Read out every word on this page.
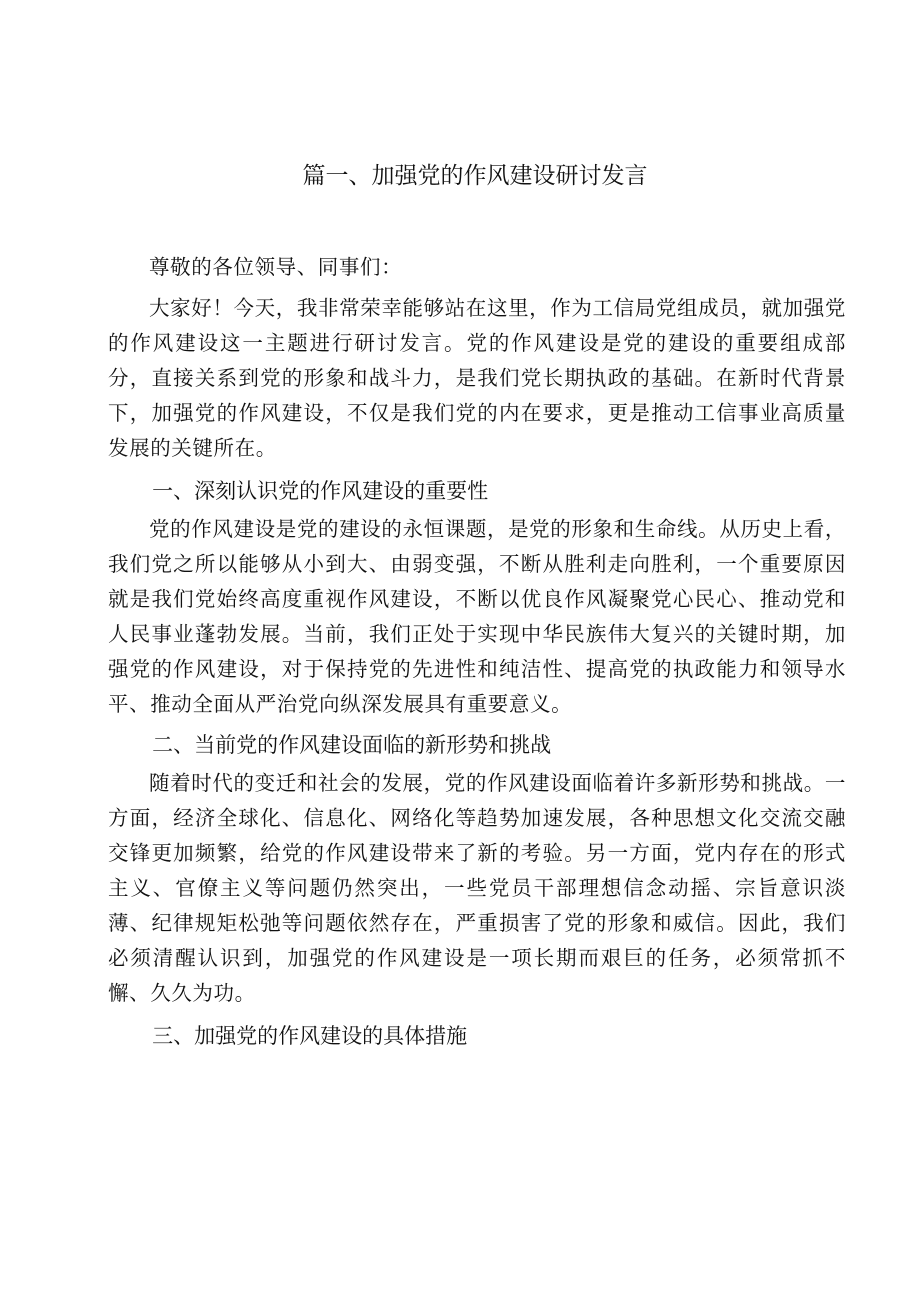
篇一、加强党的作风建设研讨发言

尊敬的各位领导、同事们：

大家好！今天，我非常荣幸能够站在这里，作为工信局党组成员，就加强党的作风建设这一主题进行研讨发言。党的作风建设是党的建设的重要组成部分，直接关系到党的形象和战斗力，是我们党长期执政的基础。在新时代背景下，加强党的作风建设，不仅是我们党的内在要求，更是推动工信事业高质量发展的关键所在。

一、深刻认识党的作风建设的重要性

党的作风建设是党的建设的永恒课题，是党的形象和生命线。从历史上看，我们党之所以能够从小到大、由弱变强，不断从胜利走向胜利，一个重要原因就是我们党始终高度重视作风建设，不断以优良作风凝聚党心民心、推动党和人民事业蓬勃发展。当前，我们正处于实现中华民族伟大复兴的关键时期，加强党的作风建设，对于保持党的先进性和纯洁性、提高党的执政能力和领导水平、推动全面从严治党向纵深发展具有重要意义。

二、当前党的作风建设面临的新形势和挑战

随着时代的变迁和社会的发展，党的作风建设面临着许多新形势和挑战。一方面，经济全球化、信息化、网络化等趋势加速发展，各种思想文化交流交融交锋更加频繁，给党的作风建设带来了新的考验。另一方面，党内存在的形式主义、官僚主义等问题仍然突出，一些党员干部理想信念动摇、宗旨意识淡薄、纪律规矩松弛等问题依然存在，严重损害了党的形象和威信。因此，我们必须清醒认识到，加强党的作风建设是一项长期而艰巨的任务，必须常抓不懈、久久为功。

三、加强党的作风建设的具体措施
